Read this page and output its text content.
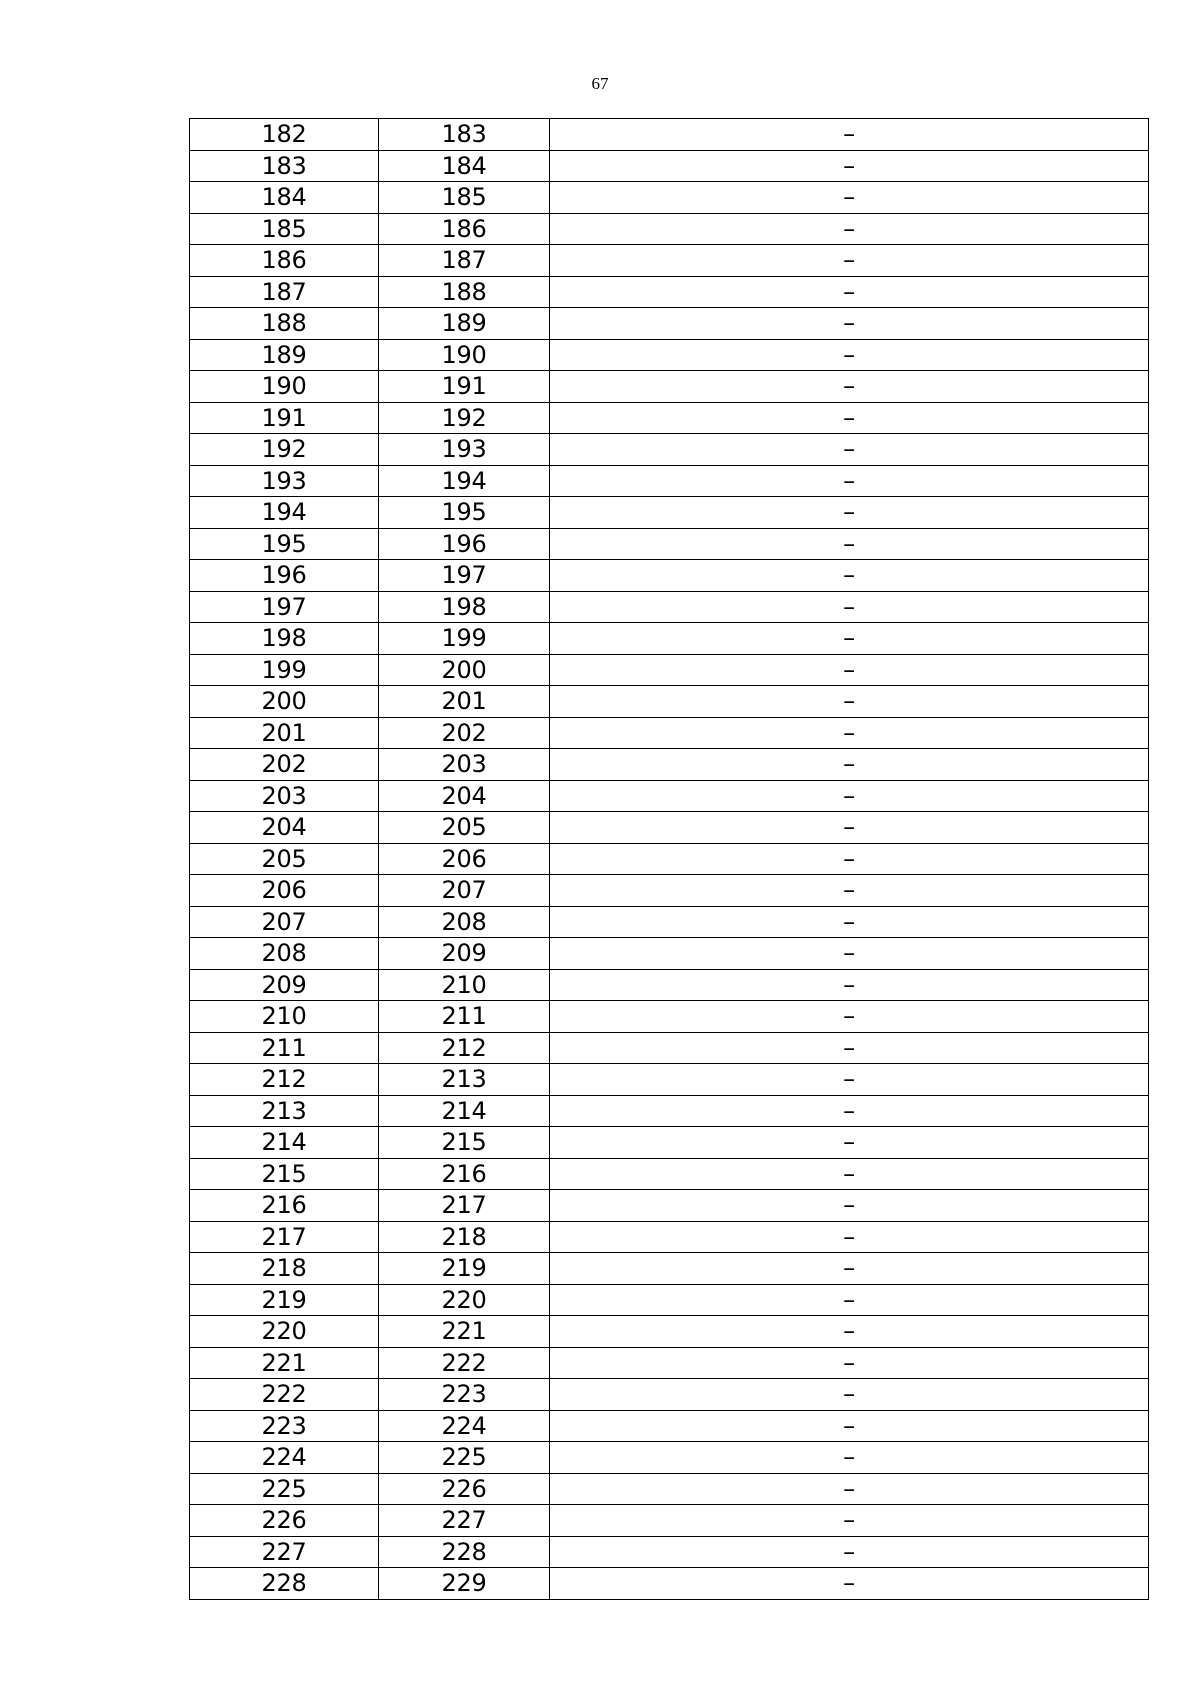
67
182	183	–
183	184	–
184	185	–
185	186	–
186	187	–
187	188	–
188	189	–
189	190	–
190	191	–
191	192	–
192	193	–
193	194	–
194	195	–
195	196	–
196	197	–
197	198	–
198	199	–
199	200	–
200	201	–
201	202	–
202	203	–
203	204	–
204	205	–
205	206	–
206	207	–
207	208	–
208	209	–
209	210	–
210	211	–
211	212	–
212	213	–
213	214	–
214	215	–
215	216	–
216	217	–
217	218	–
218	219	–
219	220	–
220	221	–
221	222	–
222	223	–
223	224	–
224	225	–
225	226	–
226	227	–
227	228	–
228	229	–
